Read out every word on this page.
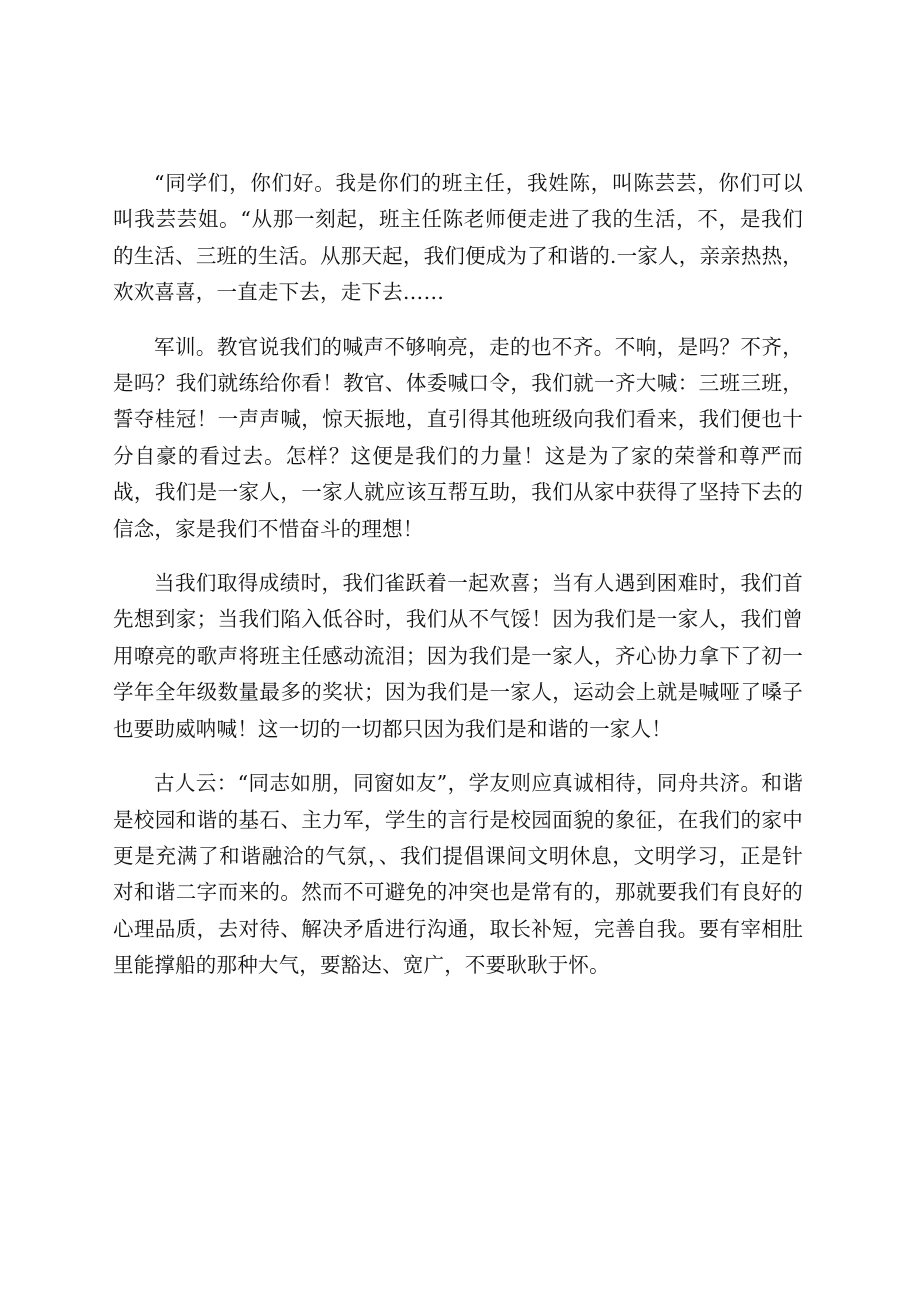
“同学们，你们好。我是你们的班主任，我姓陈，叫陈芸芸，你们可以叫我芸芸姐。“从那一刻起，班主任陈老师便走进了我的生活，不，是我们的生活、三班的生活。从那天起，我们便成为了和谐的.一家人，亲亲热热，欢欢喜喜，一直走下去，走下去……

军训。教官说我们的喊声不够响亮，走的也不齐。不响，是吗？不齐，是吗？我们就练给你看！教官、体委喊口令，我们就一齐大喊：三班三班，誓夺桂冠！一声声喊，惊天振地，直引得其他班级向我们看来，我们便也十分自豪的看过去。怎样？这便是我们的力量！这是为了家的荣誉和尊严而战，我们是一家人，一家人就应该互帮互助，我们从家中获得了坚持下去的信念，家是我们不惜奋斗的理想！

当我们取得成绩时，我们雀跃着一起欢喜；当有人遇到困难时，我们首先想到家；当我们陷入低谷时，我们从不气馁！因为我们是一家人，我们曾用嘹亮的歌声将班主任感动流泪；因为我们是一家人，齐心协力拿下了初一学年全年级数量最多的奖状；因为我们是一家人，运动会上就是喊哑了嗓子也要助威呐喊！这一切的一切都只因为我们是和谐的一家人！

古人云：“同志如朋，同窗如友”，学友则应真诚相待，同舟共济。和谐是校园和谐的基石、主力军，学生的言行是校园面貌的象征，在我们的家中更是充满了和谐融洽的气氛，、我们提倡课间文明休息，文明学习，正是针对和谐二字而来的。然而不可避免的冲突也是常有的，那就要我们有良好的心理品质，去对待、解决矛盾进行沟通，取长补短，完善自我。要有宰相肚里能撑船的那种大气，要豁达、宽广，不要耿耿于怀。
